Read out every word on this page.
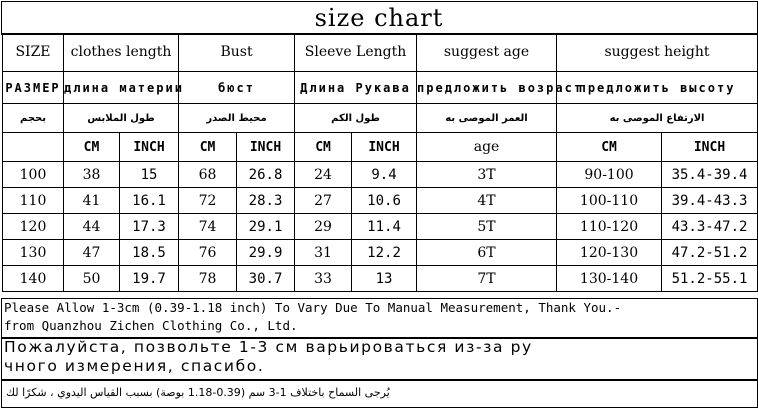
size chart
SIZE	clothes length		Bust		Sleeve Length		suggest age	suggest height	
РАЗМЕР	длина материи		бюст		Длина Рукава		предложить возраст	предложить высоту	
بحجم	طول الملابس		محيط الصدر		طول الكم		العمر الموصى به	الارتفاع الموصى به	
	CM	INCH	CM	INCH	CM	INCH	age	CM	INCH
100	38	15	68	26.8	24	9.4	3T	90-100	35.4-39.4
110	41	16.1	72	28.3	27	10.6	4T	100-110	39.4-43.3
120	44	17.3	74	29.1	29	11.4	5T	110-120	43.3-47.2
130	47	18.5	76	29.9	31	12.2	6T	120-130	47.2-51.2
140	50	19.7	78	30.7	33	13	7T	130-140	51.2-55.1
Please Allow 1-3cm (0.39-1.18 inch) To Vary Due To Manual Measurement, Thank You.-
from Quanzhou Zichen Clothing Co., Ltd.
Пожалуйста, позвольте 1-3 см варьироваться из-за ру
чного измерения, спасибо.
يُرجى السماح باختلاف 1-3 سم (0.39-1.18 بوصة) بسبب القياس اليدوي ، شكرًا لك
